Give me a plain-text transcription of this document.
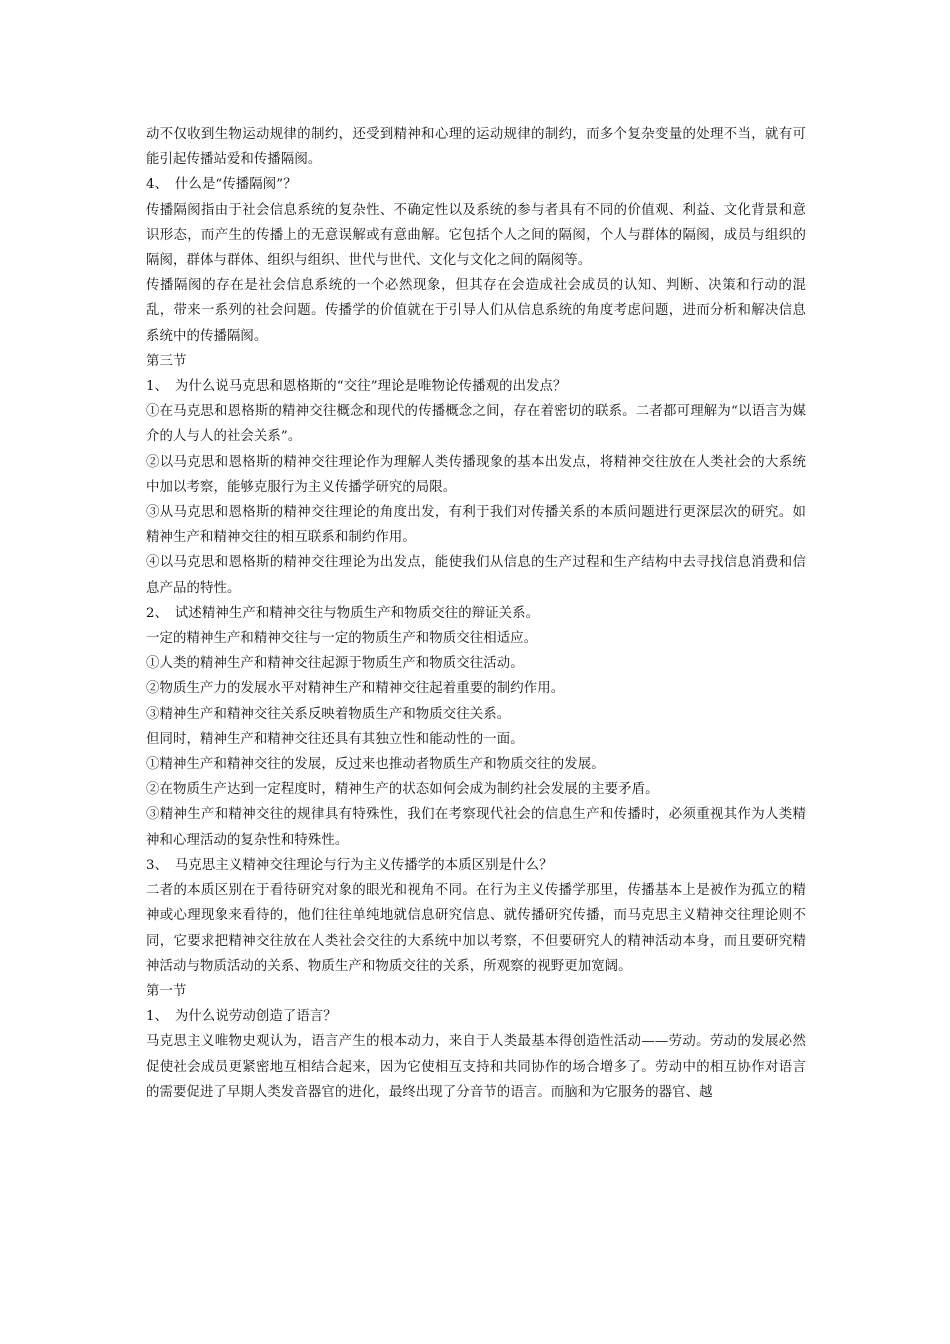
动不仅收到生物运动规律的制约，还受到精神和心理的运动规律的制约，而多个复杂变量的处理不当，就有可能引起传播站爱和传播隔阂。

4、　什么是“传播隔阂”？

传播隔阂指由于社会信息系统的复杂性、不确定性以及系统的参与者具有不同的价值观、利益、文化背景和意识形态，而产生的传播上的无意误解或有意曲解。它包括个人之间的隔阂，个人与群体的隔阂，成员与组织的隔阂，群体与群体、组织与组织、世代与世代、文化与文化之间的隔阂等。

传播隔阂的存在是社会信息系统的一个必然现象，但其存在会造成社会成员的认知、判断、决策和行动的混乱，带来一系列的社会问题。传播学的价值就在于引导人们从信息系统的角度考虑问题，进而分析和解决信息系统中的传播隔阂。

第三节

1、　为什么说马克思和恩格斯的“交往”理论是唯物论传播观的出发点？

①在马克思和恩格斯的精神交往概念和现代的传播概念之间，存在着密切的联系。二者都可理解为“以语言为媒介的人与人的社会关系”。

②以马克思和恩格斯的精神交往理论作为理解人类传播现象的基本出发点，将精神交往放在人类社会的大系统中加以考察，能够克服行为主义传播学研究的局限。

③从马克思和恩格斯的精神交往理论的角度出发，有利于我们对传播关系的本质问题进行更深层次的研究。如精神生产和精神交往的相互联系和制约作用。

④以马克思和恩格斯的精神交往理论为出发点，能使我们从信息的生产过程和生产结构中去寻找信息消费和信息产品的特性。

2、　试述精神生产和精神交往与物质生产和物质交往的辩证关系。

一定的精神生产和精神交往与一定的物质生产和物质交往相适应。

①人类的精神生产和精神交往起源于物质生产和物质交往活动。

②物质生产力的发展水平对精神生产和精神交往起着重要的制约作用。

③精神生产和精神交往关系反映着物质生产和物质交往关系。

但同时，精神生产和精神交往还具有其独立性和能动性的一面。

①精神生产和精神交往的发展，反过来也推动者物质生产和物质交往的发展。

②在物质生产达到一定程度时，精神生产的状态如何会成为制约社会发展的主要矛盾。

③精神生产和精神交往的规律具有特殊性，我们在考察现代社会的信息生产和传播时，必须重视其作为人类精神和心理活动的复杂性和特殊性。

3、　马克思主义精神交往理论与行为主义传播学的本质区别是什么？

二者的本质区别在于看待研究对象的眼光和视角不同。在行为主义传播学那里，传播基本上是被作为孤立的精神或心理现象来看待的，他们往往单纯地就信息研究信息、就传播研究传播，而马克思主义精神交往理论则不同，它要求把精神交往放在人类社会交往的大系统中加以考察，不但要研究人的精神活动本身，而且要研究精神活动与物质活动的关系、物质生产和物质交往的关系，所观察的视野更加宽阔。

第一节

1、　为什么说劳动创造了语言？

马克思主义唯物史观认为，语言产生的根本动力，来自于人类最基本得创造性活动——劳动。劳动的发展必然促使社会成员更紧密地互相结合起来，因为它使相互支持和共同协作的场合增多了。劳动中的相互协作对语言的需要促进了早期人类发音器官的进化，最终出现了分音节的语言。而脑和为它服务的器官、越
